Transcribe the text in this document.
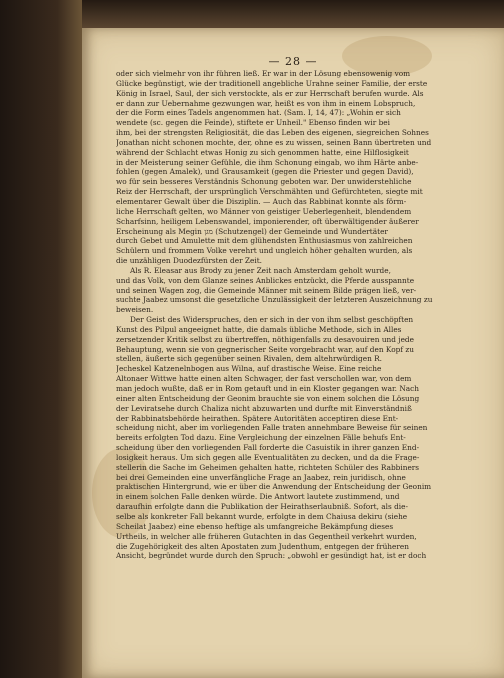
— 28 —
oder sich vielmehr von ihr führen ließ. Er war in der Lösung ebensowenig vom
Glücke begünstigt, wie der traditionell angebliche Urahne seiner Familie, der erste
König in Israel, Saul, der sich verstockte, als er zur Herrschaft berufen wurde. Als
er dann zur Uebernahme gezwungen war, heißt es von ihm in einem Lobspruch,
der die Form eines Tadels angenommen hat. (Sam. I, 14, 47): „Wohin er sich
wendete (sc. gegen die Feinde), stiftete er Unheil." Ebenso finden wir bei
ihm, bei der strengsten Religiosität, die das Leben des eigenen, siegreichen Sohnes
Jonathan nicht schonen mochte, der, ohne es zu wissen, seinen Bann übertreten und
während der Schlacht etwas Honig zu sich genommen hatte, eine Hilflosigkeit
in der Meisterung seiner Gefühle, die ihm Schonung eingab, wo ihm Härte anbe-
fohlen (gegen Amalek), und Grausamkeit (gegen die Priester und gegen David),
wo für sein besseres Verständnis Schonung geboten war. Der unwiderstehliche
Reiz der Herrschaft, der ursprünglich Verschmähten und Gefürchteten, siegte mit
elementarer Gewalt über die Disziplin. — Auch das Rabbinat konnte als förm-
liche Herrschaft gelten, wo Männer von geistiger Ueberlegenheit, blendendem
Scharfsinn, heiligem Lebenswandel, imponierender, oft überwältigender äußerer
Erscheinung als Megin מגן (Schutzengel) der Gemeinde und Wundertäter
durch Gebet und Amulette mit dem glühendsten Enthusiasmus von zahlreichen
Schülern und frommem Volke verehrt und ungleich höher gehalten wurden, als
die unzähligen Duodezfürsten der Zeit.
Als R. Eleasar aus Brody zu jener Zeit nach Amsterdam geholt wurde,
und das Volk, von dem Glanze seines Anblickes entzückt, die Pferde ausspannte
und seinen Wagen zog, die Gemeinde Männer mit seinem Bilde prägen ließ, ver-
suchte Jaabez umsonst die gesetzliche Unzulässigkeit der letzteren Auszeichnung zu
beweisen.
Der Geist des Widerspruches, den er sich in der von ihm selbst geschöpften
Kunst des Pilpul angeeignet hatte, die damals übliche Methode, sich in Alles
zersetzender Kritik selbst zu übertreffen, nöthigenfalls zu desavouiren und jede
Behauptung, wenn sie von gegnerischer Seite vorgebracht war, auf den Kopf zu
stellen, äußerte sich gegenüber seinen Rivalen, dem altehrwürdigen R.
Jecheskel Katzenelnbogen aus Wilna, auf drastische Weise. Eine reiche
Altonaer Wittwe hatte einen alten Schwager, der fast verschollen war, von dem
man jedoch wußte, daß er in Rom getauft und in ein Kloster gegangen war. Nach
einer alten Entscheidung der Geonim brauchte sie von einem solchen die Lösung
der Leviratsehe durch Chaliza nicht abzuwarten und durfte mit Einverständniß
der Rabbinatsbehörde heirathen. Spätere Autoritäten acceptiren diese Ent-
scheidung nicht, aber im vorliegenden Falle traten annehmbare Beweise für seinen
bereits erfolgten Tod dazu. Eine Vergleichung der einzelnen Fälle behufs Ent-
scheidung über den vorliegenden Fall forderte die Casuistik in ihrer ganzen End-
losigkeit heraus. Um sich gegen alle Eventualitäten zu decken, und da die Frage-
stellerin die Sache im Geheimen gehalten hatte, richteten Schüler des Rabbiners
bei drei Gemeinden eine unverfängliche Frage an Jaabez, rein juridisch, ohne
praktischen Hintergrund, wie er über die Anwendung der Entscheidung der Geonim
in einem solchen Falle denken würde. Die Antwort lautete zustimmend, und
daraufhin erfolgte dann die Publikation der Heirathserlaubniß. Sofort, als die-
selbe als konkreter Fall bekannt wurde, erfolgte in dem Chaiusa dekiru (siehe
Scheilat Jaabez) eine ebenso heftige als umfangreiche Bekämpfung dieses
Urtheils, in welcher alle früheren Gutachten in das Gegentheil verkehrt wurden,
die Zugehörigkeit des alten Apostaten zum Judenthum, entgegen der früheren
Ansicht, begründet wurde durch den Spruch: „obwohl er gesündigt hat, ist er doch
